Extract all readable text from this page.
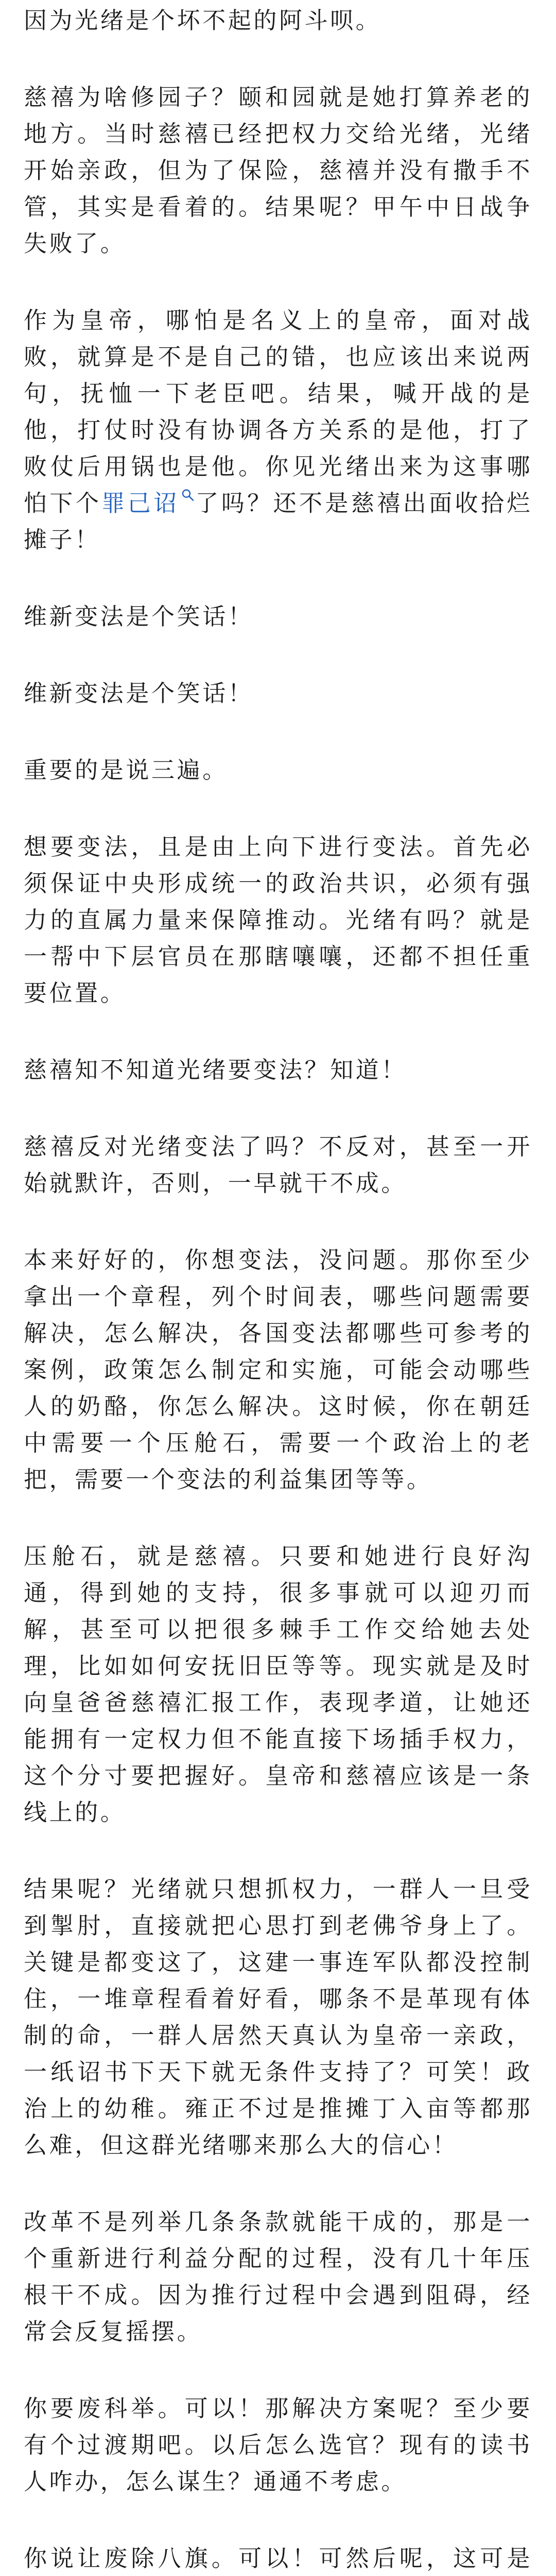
因为光绪是个坏不起的阿斗呗。

慈禧为啥修园子？颐和园就是她打算养老的地方。当时慈禧已经把权力交给光绪，光绪开始亲政，但为了保险，慈禧并没有撒手不管，其实是看着的。结果呢？甲午中日战争失败了。

作为皇帝，哪怕是名义上的皇帝，面对战败，就算是不是自己的错，也应该出来说两句，抚恤一下老臣吧。结果，喊开战的是他，打仗时没有协调各方关系的是他，打了败仗后用锅也是他。你见光绪出来为这事哪怕下个罪己诏 了吗？还不是慈禧出面收拾烂摊子！

维新变法是个笑话！

维新变法是个笑话！

重要的是说三遍。

想要变法，且是由上向下进行变法。首先必须保证中央形成统一的政治共识，必须有强力的直属力量来保障推动。光绪有吗？就是一帮中下层官员在那瞎嚷嚷，还都不担任重要位置。

慈禧知不知道光绪要变法？知道！

慈禧反对光绪变法了吗？不反对，甚至一开始就默许，否则，一早就干不成。

本来好好的，你想变法，没问题。那你至少拿出一个章程，列个时间表，哪些问题需要解决，怎么解决，各国变法都哪些可参考的案例，政策怎么制定和实施，可能会动哪些人的奶酪，你怎么解决。这时候，你在朝廷中需要一个压舱石，需要一个政治上的老把，需要一个变法的利益集团等等。

压舱石，就是慈禧。只要和她进行良好沟通，得到她的支持，很多事就可以迎刃而解，甚至可以把很多棘手工作交给她去处理，比如如何安抚旧臣等等。现实就是及时向皇爸爸慈禧汇报工作，表现孝道，让她还能拥有一定权力但不能直接下场插手权力，这个分寸要把握好。皇帝和慈禧应该是一条线上的。

结果呢？光绪就只想抓权力，一群人一旦受到掣肘，直接就把心思打到老佛爷身上了。关键是都变这了，这建一事连军队都没控制住，一堆章程看着好看，哪条不是革现有体制的命，一群人居然天真认为皇帝一亲政，一纸诏书下天下就无条件支持了？可笑！政治上的幼稚。雍正不过是推摊丁入亩等都那么难，但这群光绪哪来那么大的信心！

改革不是列举几条条款就能干成的，那是一个重新进行利益分配的过程，没有几十年压根干不成。因为推行过程中会遇到阻碍，经常会反复摇摆。

你要废科举。可以！那解决方案呢？至少要有个过渡期吧。以后怎么选官？现有的读书人咋办，怎么谋生？通通不考虑。

你说让废除八旗。可以！可然后呢，这可是
